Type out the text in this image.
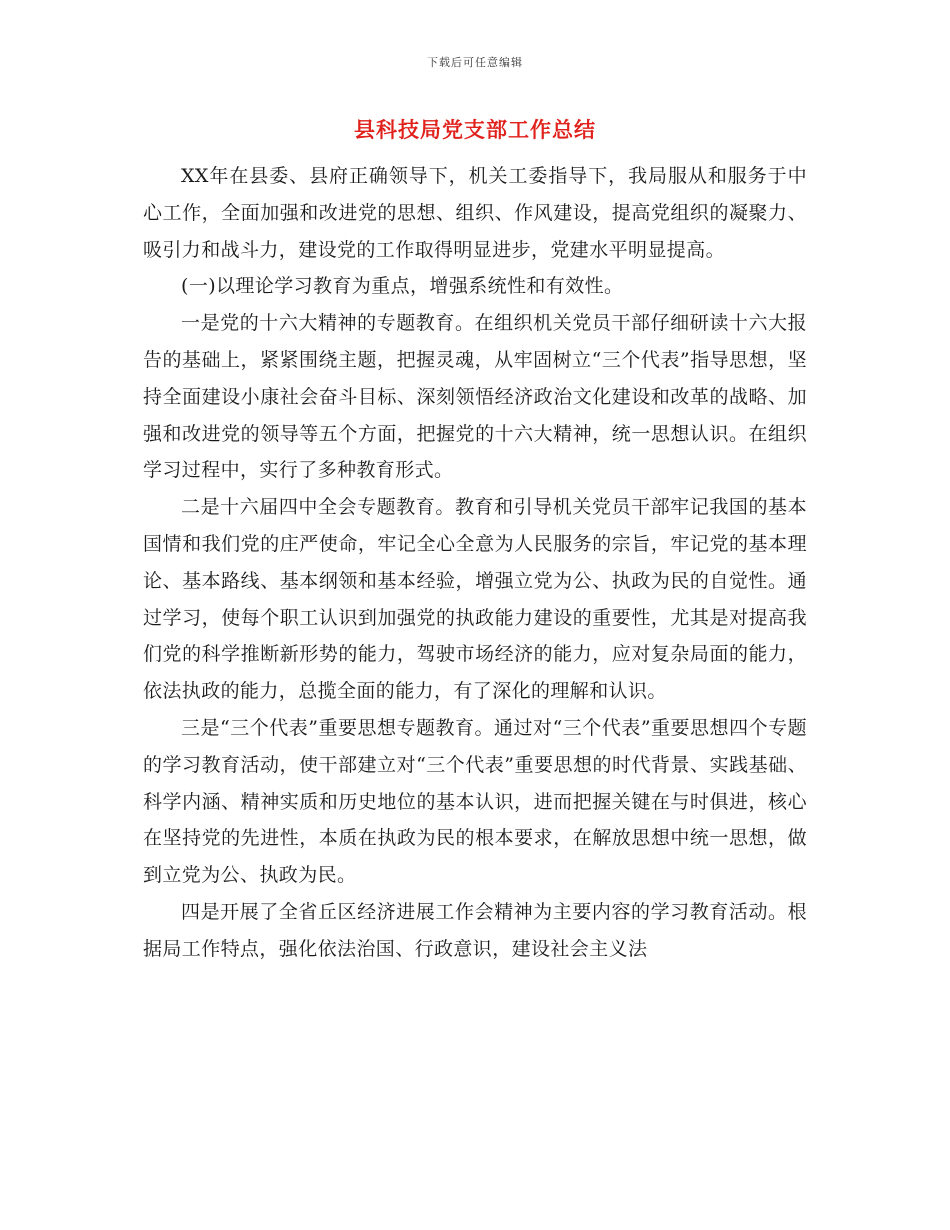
下载后可任意编辑
县科技局党支部工作总结

XX年在县委、县府正确领导下，机关工委指导下，我局服从和服务于中心工作，全面加强和改进党的思想、组织、作风建设，提高党组织的凝聚力、吸引力和战斗力，建设党的工作取得明显进步，党建水平明显提高。

(一)以理论学习教育为重点，增强系统性和有效性。

一是党的十六大精神的专题教育。在组织机关党员干部仔细研读十六大报告的基础上，紧紧围绕主题，把握灵魂，从牢固树立“三个代表”指导思想，坚持全面建设小康社会奋斗目标、深刻领悟经济政治文化建设和改革的战略、加强和改进党的领导等五个方面，把握党的十六大精神，统一思想认识。在组织学习过程中，实行了多种教育形式。

二是十六届四中全会专题教育。教育和引导机关党员干部牢记我国的基本国情和我们党的庄严使命，牢记全心全意为人民服务的宗旨，牢记党的基本理论、基本路线、基本纲领和基本经验，增强立党为公、执政为民的自觉性。通过学习，使每个职工认识到加强党的执政能力建设的重要性，尤其是对提高我们党的科学推断新形势的能力，驾驶市场经济的能力，应对复杂局面的能力，依法执政的能力，总揽全面的能力，有了深化的理解和认识。

三是“三个代表”重要思想专题教育。通过对“三个代表”重要思想四个专题的学习教育活动，使干部建立对“三个代表”重要思想的时代背景、实践基础、科学内涵、精神实质和历史地位的基本认识，进而把握关键在与时俱进，核心在坚持党的先进性，本质在执政为民的根本要求，在解放思想中统一思想，做到立党为公、执政为民。

四是开展了全省丘区经济进展工作会精神为主要内容的学习教育活动。根据局工作特点，强化依法治国、行政意识，建设社会主义法
